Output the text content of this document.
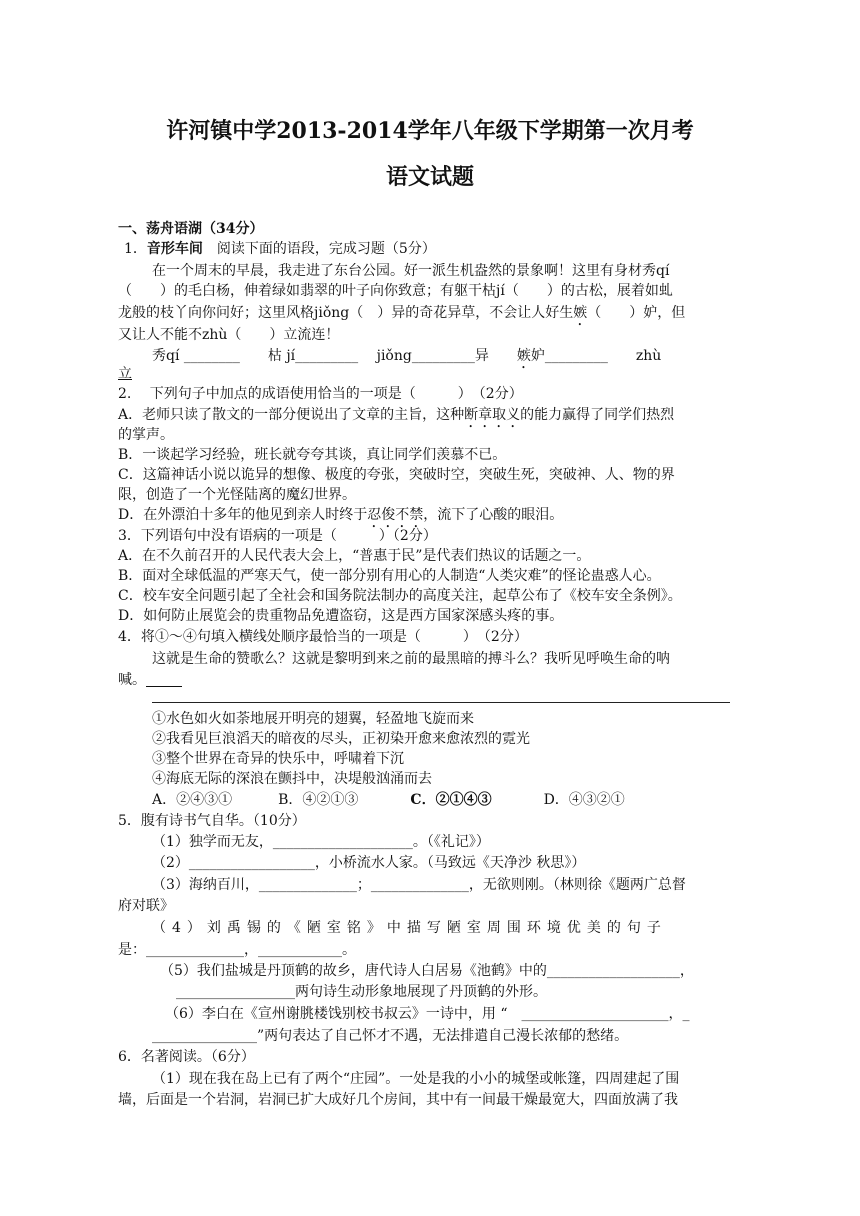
许河镇中学2013-2014学年八年级下学期第一次月考
语文试题
一、荡舟语湖（34分）
1．音形车间　 阅读下面的语段，完成习题（5分）
在一个周末的早晨，我走进了东台公园。好一派生机盎然的景象啊！这里有身材秀qí
（　　）的毛白杨，伸着绿如翡翠的叶子向你致意；有躯干枯jí（　　）的古松，展着如虬
龙般的枝丫向你问好；这里风格jiǒng（　）异的奇花异草，不会让人好生嫉（　　）妒，但
又让人不能不zhù（　　）立流连！
秀qí ________　　枯 jí_________　 jiǒng_________异　　嫉妒_________　　zhù
立
2.　 下列句子中加点的成语使用恰当的一项是（　　　）　（2分）
A．老师只读了散文的一部分便说出了文章的主旨，这种断章取义的能力赢得了同学们热烈
的掌声。
B．一谈起学习经验，班长就夸夸其谈，真让同学们羡慕不已。
C．这篇神话小说以诡异的想像、极度的夸张，突破时空，突破生死，突破神、人、物的界
限，创造了一个光怪陆离的魔幻世界。
D．在外漂泊十多年的他见到亲人时终于忍俊不禁，流下了心酸的眼泪。
3．下列语句中没有语病的一项是（　　　）（2分）
A．在不久前召开的人民代表大会上，“普惠于民”是代表们热议的话题之一。
B．面对全球低温的严寒天气，使一部分别有用心的人制造“人类灾难”的怪论蛊惑人心。
C．校车安全问题引起了全社会和国务院法制办的高度关注，起草公布了《校车安全条例》。
D．如何防止展览会的贵重物品免遭盗窃，这是西方国家深感头疼的事。
4．将①～④句填入横线处顺序最恰当的一项是（　　　）　（2分）
这就是生命的赞歌么？这就是黎明到来之前的最黑暗的搏斗么？我听见呼唤生命的呐
喊。
①水色如火如荼地展开明亮的翅翼，轻盈地飞旋而来
②我看见巨浪滔天的暗夜的尽头，正初染开愈来愈浓烈的霓光
③整个世界在奇异的快乐中，呼啸着下沉
④海底无际的深浪在颤抖中，决堤般汹涌而去
A．②④③①	B．④②①③	C．②①④③	D．④③②①
5．腹有诗书气自华。（10分）
（1）独学而无友，____________________。（《礼记》）
（2）__________________，小桥流水人家。（马致远《天净沙 秋思》）
（3）海纳百川，______________；______________，无欲则刚。（林则徐《题两广总督
府对联》
（4）刘禹锡的《陋室铭》中描写陋室周围环境优美的句子
是：______________，____________。
（5）我们盐城是丹顶鹤的故乡，唐代诗人白居易《池鹤》中的___________________，
_________________两句诗生动形象地展现了丹顶鹤的外形。
（6）李白在《宣州谢朓楼饯别校书叔云》一诗中，用 “　_____________________，_
_______________”两句表达了自己怀才不遇，无法排遣自己漫长浓郁的愁绪。
6．名著阅读。（6分）
（1）现在我在岛上已有了两个“庄园”。一处是我的小小的城堡或帐篷，四周建起了围
墙，后面是一个岩洞，岩洞已扩大成好几个房间，其中有一间最干燥最宽大，四面放满了我
